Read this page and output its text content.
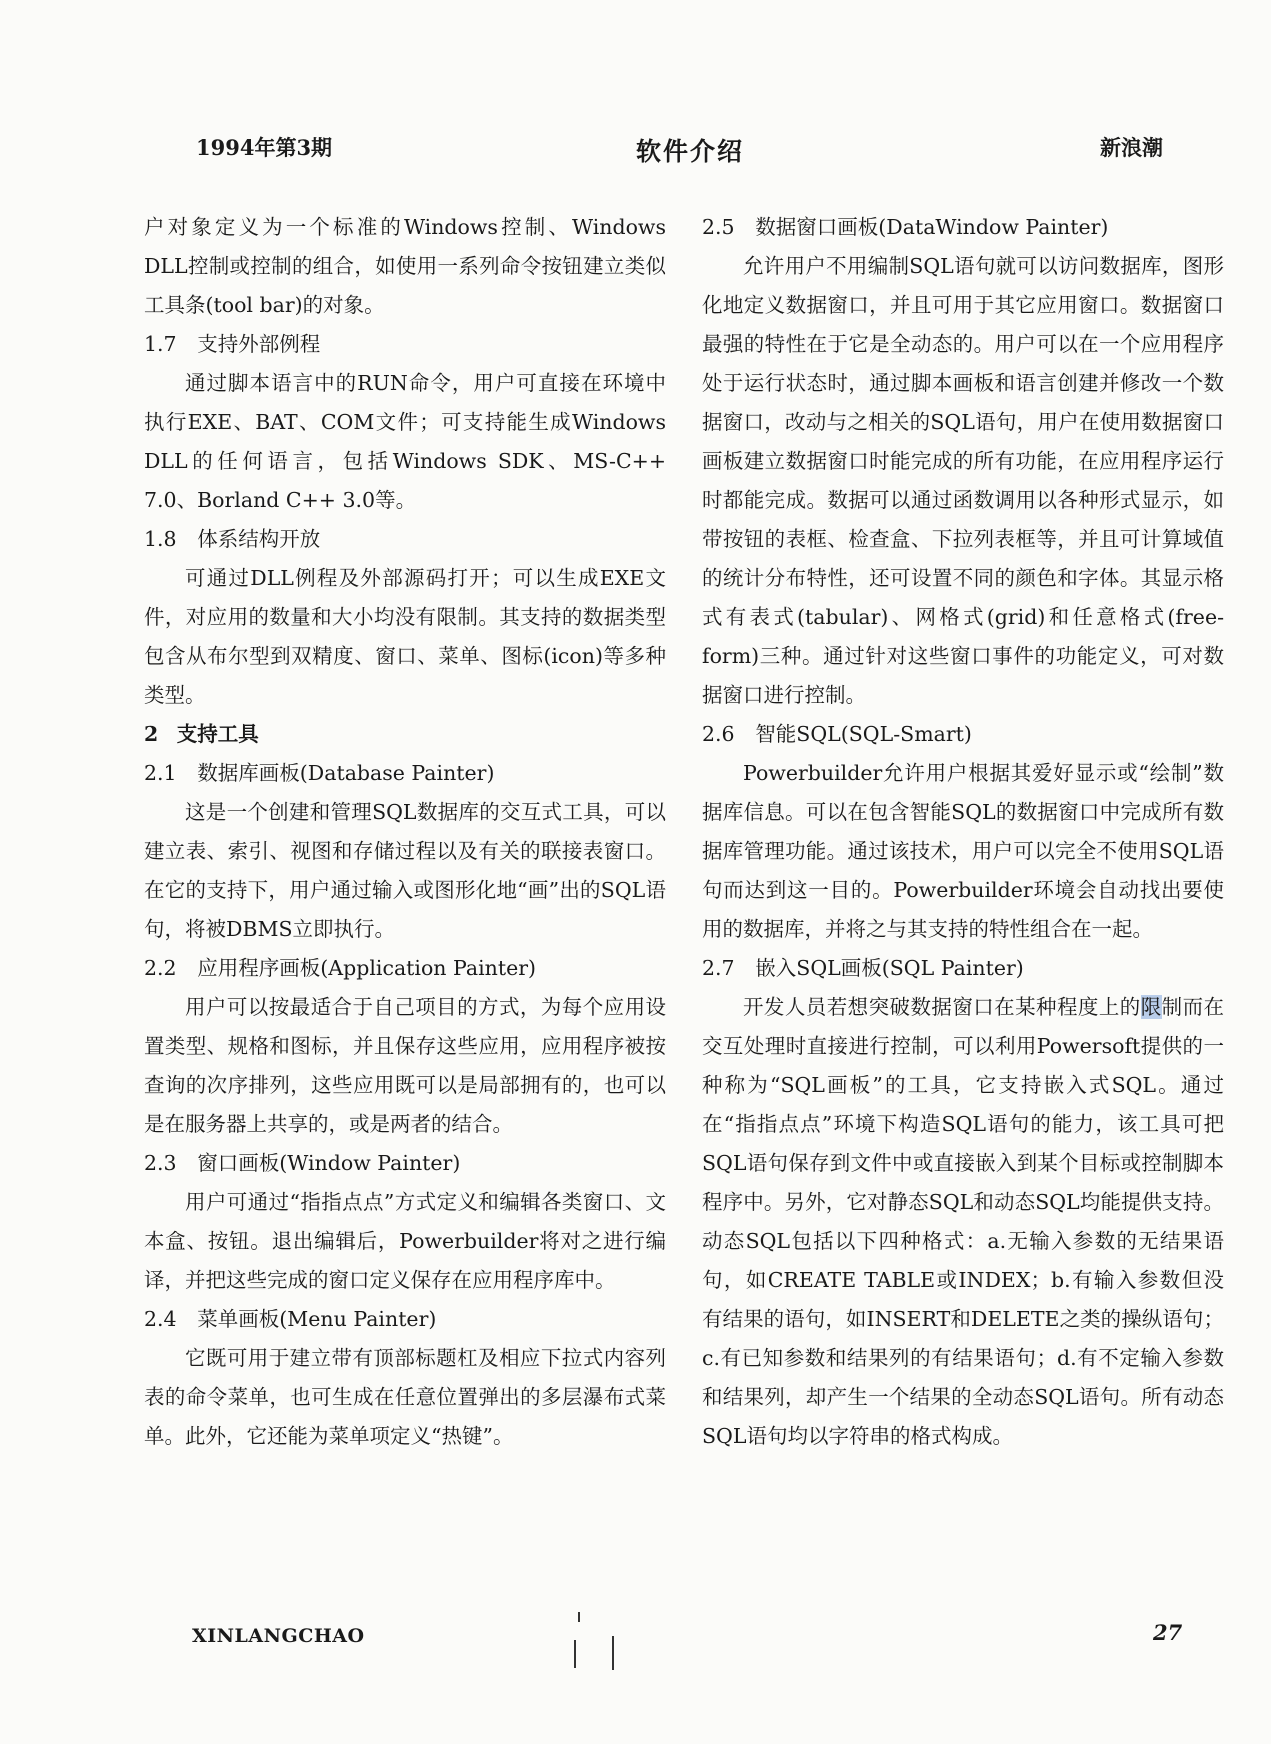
1994年第3期	软件介绍	新浪潮

户对象定义为一个标准的Windows控制、Windows DLL控制或控制的组合，如使用一系列命令按钮建立类似工具条(tool bar)的对象。

1.7 支持外部例程

通过脚本语言中的RUN命令，用户可直接在环境中执行EXE、BAT、COM文件；可支持能生成Windows DLL的任何语言，包括Windows SDK、MS-C++ 7.0、Borland C++ 3.0等。

1.8 体系结构开放

可通过DLL例程及外部源码打开；可以生成EXE文件，对应用的数量和大小均没有限制。其支持的数据类型包含从布尔型到双精度、窗口、菜单、图标(icon)等多种类型。

2 支持工具
2.1 数据库画板(Database Painter)

这是一个创建和管理SQL数据库的交互式工具，可以建立表、索引、视图和存储过程以及有关的联接表窗口。在它的支持下，用户通过输入或图形化地“画”出的SQL语句，将被DBMS立即执行。

2.2 应用程序画板(Application Painter)

用户可以按最适合于自己项目的方式，为每个应用设置类型、规格和图标，并且保存这些应用，应用程序被按查询的次序排列，这些应用既可以是局部拥有的，也可以是在服务器上共享的，或是两者的结合。

2.3 窗口画板(Window Painter)

用户可通过“指指点点”方式定义和编辑各类窗口、文本盒、按钮。退出编辑后，Powerbuilder将对之进行编译，并把这些完成的窗口定义保存在应用程序库中。

2.4 菜单画板(Menu Painter)

它既可用于建立带有顶部标题杠及相应下拉式内容列表的命令菜单，也可生成在任意位置弹出的多层瀑布式菜单。此外，它还能为菜单项定义“热键”。

2.5 数据窗口画板(DataWindow Painter)

允许用户不用编制SQL语句就可以访问数据库，图形化地定义数据窗口，并且可用于其它应用窗口。数据窗口最强的特性在于它是全动态的。用户可以在一个应用程序处于运行状态时，通过脚本画板和语言创建并修改一个数据窗口，改动与之相关的SQL语句，用户在使用数据窗口画板建立数据窗口时能完成的所有功能，在应用程序运行时都能完成。数据可以通过函数调用以各种形式显示，如带按钮的表框、检查盒、下拉列表框等，并且可计算域值的统计分布特性，还可设置不同的颜色和字体。其显示格式有表式(tabular)、网格式(grid)和任意格式(free-form)三种。通过针对这些窗口事件的功能定义，可对数据窗口进行控制。

2.6 智能SQL(SQL-Smart)

Powerbuilder允许用户根据其爱好显示或“绘制”数据库信息。可以在包含智能SQL的数据窗口中完成所有数据库管理功能。通过该技术，用户可以完全不使用SQL语句而达到这一目的。Powerbuilder环境会自动找出要使用的数据库，并将之与其支持的特性组合在一起。

2.7 嵌入SQL画板(SQL Painter)

开发人员若想突破数据窗口在某种程度上的限制而在交互处理时直接进行控制，可以利用Powersoft提供的一种称为“SQL画板”的工具，它支持嵌入式SQL。通过在“指指点点”环境下构造SQL语句的能力，该工具可把SQL语句保存到文件中或直接嵌入到某个目标或控制脚本程序中。另外，它对静态SQL和动态SQL均能提供支持。动态SQL包括以下四种格式：a.无输入参数的无结果语句，如CREATE TABLE或INDEX；b.有输入参数但没有结果的语句，如INSERT和DELETE之类的操纵语句；c.有已知参数和结果列的有结果语句；d.有不定输入参数和结果列，却产生一个结果的全动态SQL语句。所有动态SQL语句均以字符串的格式构成。

XINLANGCHAO	27
